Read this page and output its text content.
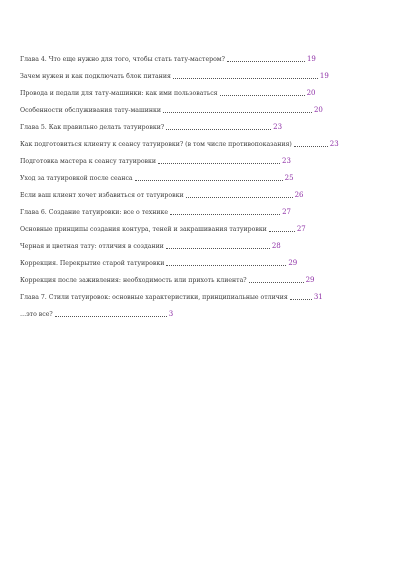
Глава 4. Что еще нужно для того, чтобы стать тату-мастером?	19
Зачем нужен и как подключать блок питания	19
Провода и педали для тату-машинки: как ими пользоваться	20
Особенности обслуживания тату-машинки	20
Глава 5. Как правильно делать татуировки?	23
Как подготовиться клиенту к сеансу татуировки? (в том числе противопоказания)	23
Подготовка мастера к сеансу татуировки	23
Уход за татуировкой после сеанса	25
Если ваш клиент хочет избавиться от татуировки	26
Глава 6. Создание татуировки: все о технике	27
Основные принципы создания контура, теней и закрашивания татуировки	27
Черная и цветная тату: отличия в создании	28
Коррекция. Перекрытие старой татуировки	29
Коррекция после заживления: необходимость или прихоть клиента?	29
Глава 7. Стили татуировок: основные характеристики, принципиальные отличия	31
…это все?	3
